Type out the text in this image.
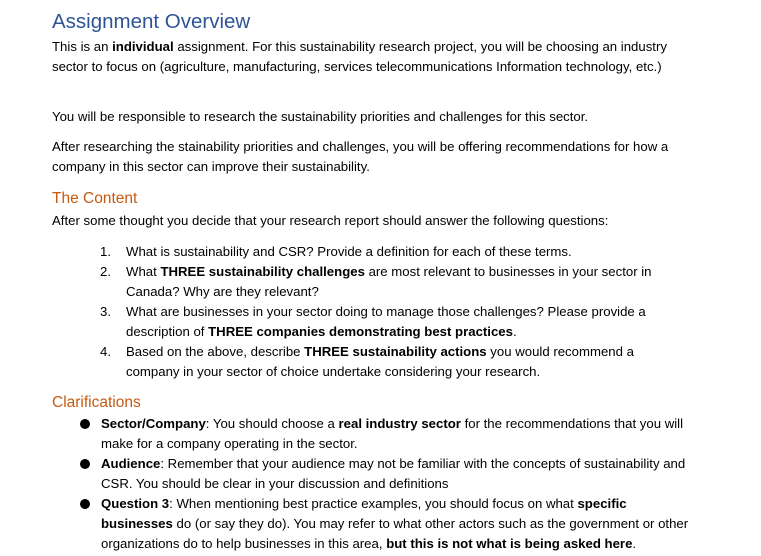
Assignment Overview

This is an individual assignment. For this sustainability research project, you will be choosing an industry sector to focus on (agriculture, manufacturing, services telecommunications Information technology, etc.)

You will be responsible to research the sustainability priorities and challenges for this sector.

After researching the stainability priorities and challenges, you will be offering recommendations for how a company in this sector can improve their sustainability.

The Content

After some thought you decide that your research report should answer the following questions:

1.	What is sustainability and CSR? Provide a definition for each of these terms.
2.	What THREE sustainability challenges are most relevant to businesses in your sector in Canada? Why are they relevant?
3.	What are businesses in your sector doing to manage those challenges? Please provide a description of THREE companies demonstrating best practices.
4.	Based on the above, describe THREE sustainability actions you would recommend a company in your sector of choice undertake considering your research.
Clarifications
Sector/Company: You should choose a real industry sector for the recommendations that you will make for a company operating in the sector.
Audience: Remember that your audience may not be familiar with the concepts of sustainability and CSR. You should be clear in your discussion and definitions
Question 3: When mentioning best practice examples, you should focus on what specific businesses do (or say they do). You may refer to what other actors such as the government or other organizations do to help businesses in this area, but this is not what is being asked here.
